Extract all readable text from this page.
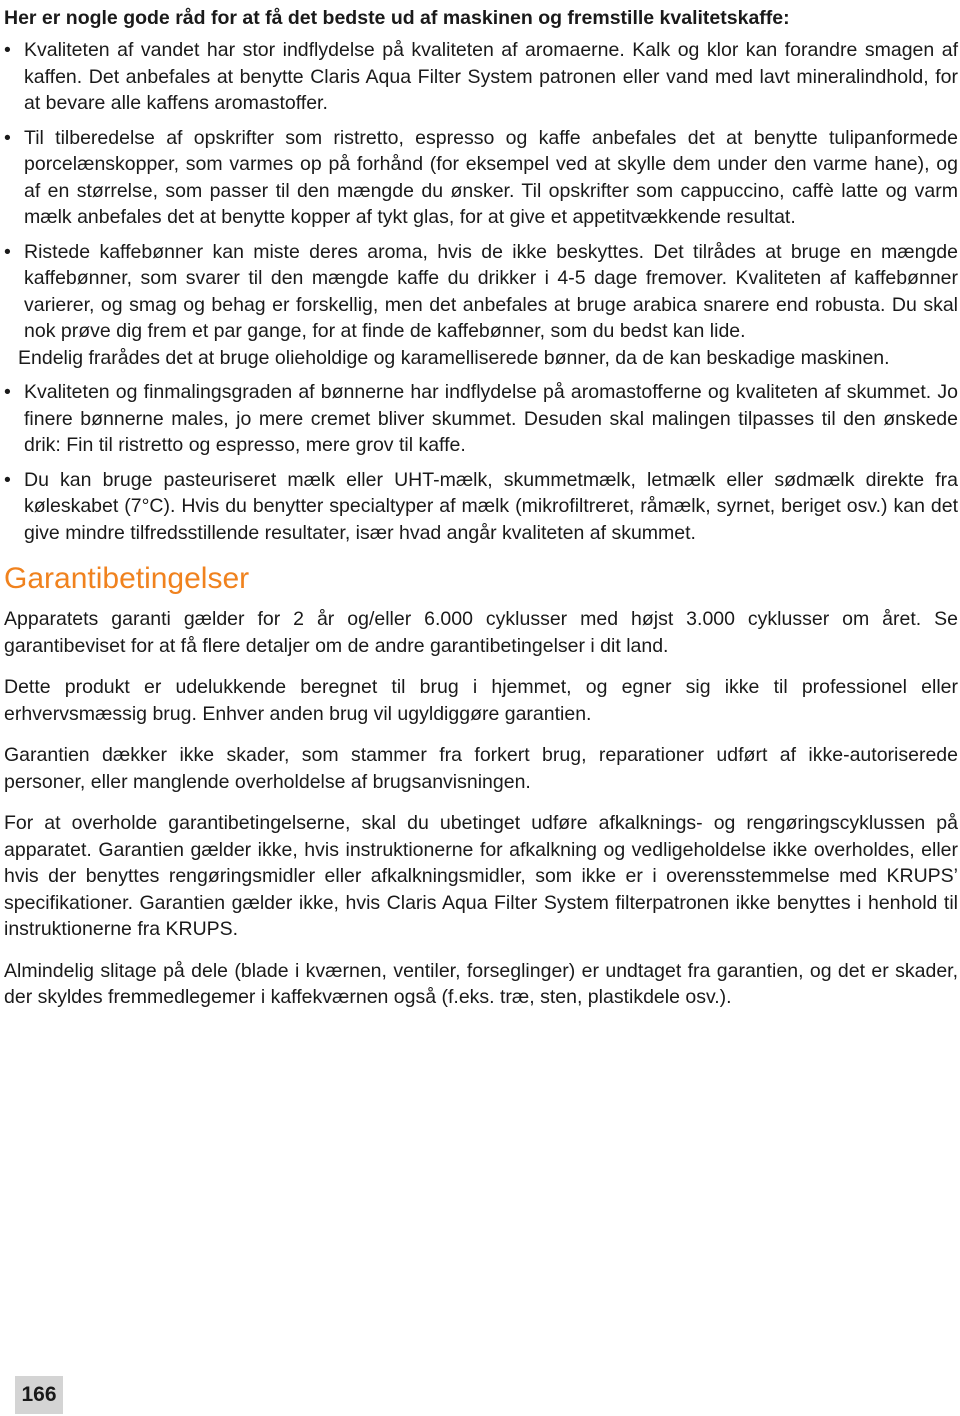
Her er nogle gode råd for at få det bedste ud af maskinen og fremstille kvalitetskaffe:

• Kvaliteten af vandet har stor indflydelse på kvaliteten af aromaerne. Kalk og klor kan forandre smagen af kaffen. Det anbefales at benytte Claris Aqua Filter System patronen eller vand med lavt mineralindhold, for at bevare alle kaffens aromastoffer.
• Til tilberedelse af opskrifter som ristretto, espresso og kaffe anbefales det at benytte tulipanformede porcelænskopper, som varmes op på forhånd (for eksempel ved at skylle dem under den varme hane), og af en størrelse, som passer til den mængde du ønsker. Til opskrifter som cappuccino, caffè latte og varm mælk anbefales det at benytte kopper af tykt glas, for at give et appetitvækkende resultat.
• Ristede kaffebønner kan miste deres aroma, hvis de ikke beskyttes. Det tilrådes at bruge en mængde kaffebønner, som svarer til den mængde kaffe du drikker i 4-5 dage fremover. Kvaliteten af kaffebønner varierer, og smag og behag er forskellig, men det anbefales at bruge arabica snarere end robusta. Du skal nok prøve dig frem et par gange, for at finde de kaffebønner, som du bedst kan lide.
Endelig frarådes det at bruge olieholdige og karamelliserede bønner, da de kan beskadige maskinen.
• Kvaliteten og finmalingsgraden af bønnerne har indflydelse på aromastofferne og kvaliteten af skummet. Jo finere bønnerne males, jo mere cremet bliver skummet. Desuden skal malingen tilpasses til den ønskede drik: Fin til ristretto og espresso, mere grov til kaffe.
• Du kan bruge pasteuriseret mælk eller UHT-mælk, skummetmælk, letmælk eller sødmælk direkte fra køleskabet (7°C). Hvis du benytter specialtyper af mælk (mikrofiltreret, råmælk, syrnet, beriget osv.) kan det give mindre tilfredsstillende resultater, især hvad angår kvaliteten af skummet.
Garantibetingelser

Apparatets garanti gælder for 2 år og/eller 6.000 cyklusser med højst 3.000 cyklusser om året. Se garantibeviset for at få flere detaljer om de andre garantibetingelser i dit land.

Dette produkt er udelukkende beregnet til brug i hjemmet, og egner sig ikke til professionel eller erhvervsmæssig brug. Enhver anden brug vil ugyldiggøre garantien.

Garantien dækker ikke skader, som stammer fra forkert brug, reparationer udført af ikke-autoriserede personer, eller manglende overholdelse af brugsanvisningen.

For at overholde garantibetingelserne, skal du ubetinget udføre afkalknings- og rengøringscyklussen på apparatet. Garantien gælder ikke, hvis instruktionerne for afkalkning og vedligeholdelse ikke overholdes, eller hvis der benyttes rengøringsmidler eller afkalkningsmidler, som ikke er i overensstemmelse med KRUPS’ specifikationer. Garantien gælder ikke, hvis Claris Aqua Filter System filterpatronen ikke benyttes i henhold til instruktionerne fra KRUPS.

Almindelig slitage på dele (blade i kværnen, ventiler, forseglinger) er undtaget fra garantien, og det er skader, der skyldes fremmedlegemer i kaffekværnen også (f.eks. træ, sten, plastikdele osv.).

166
